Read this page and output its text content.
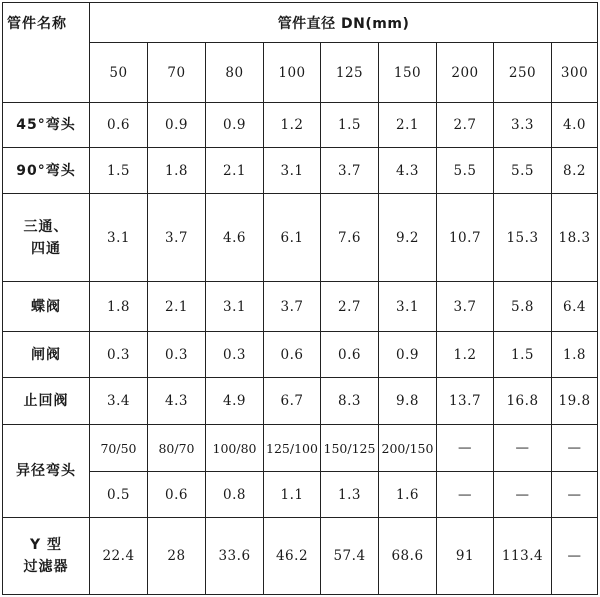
管件名称	管件直径 DN(mm)								
	50	70	80	100	125	150	200	250	300
45°弯头	0.6	0.9	0.9	1.2	1.5	2.1	2.7	3.3	4.0
90°弯头	1.5	1.8	2.1	3.1	3.7	4.3	5.5	5.5	8.2

三通、
四通	3.1	3.7	4.6	6.1	7.6	9.2	10.7	15.3	18.3
蝶阀	1.8	2.1	3.1	3.7	2.7	3.1	3.7	5.8	6.4
闸阀	0.3	0.3	0.3	0.6	0.6	0.9	1.2	1.5	1.8
止回阀	3.4	4.3	4.9	6.7	8.3	9.8	13.7	16.8	19.8
异径弯头	70/50	80/70	100/80	125/100	150/125	200/150	—	—	—
	0.5	0.6	0.8	1.1	1.3	1.6	—	—	—

Y 型
过滤器	22.4	28	33.6	46.2	57.4	68.6	91	113.4	—
